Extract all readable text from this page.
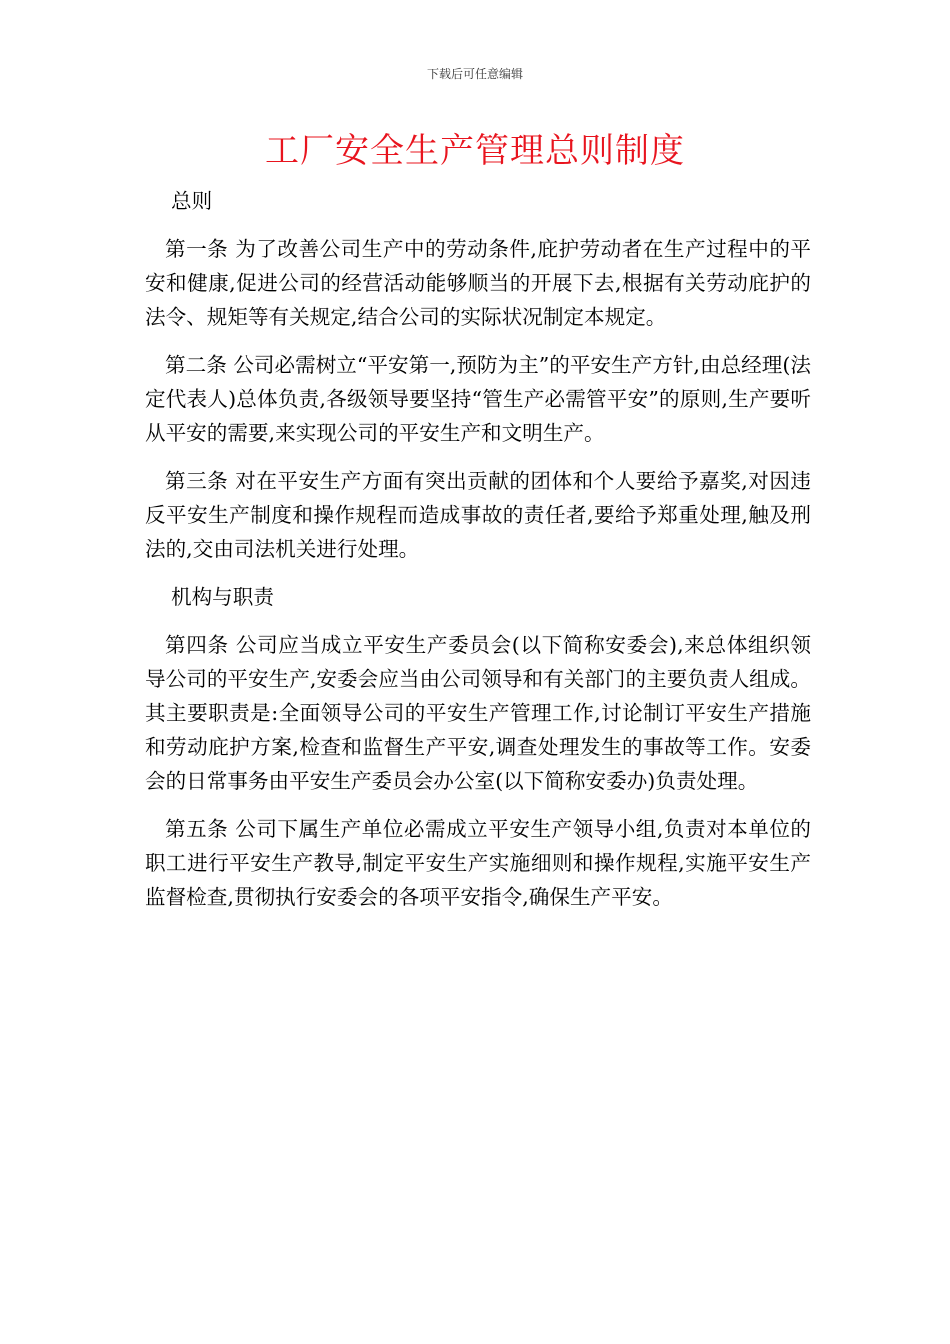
下载后可任意编辑
工厂安全生产管理总则制度

总则

第一条 为了改善公司生产中的劳动条件,庇护劳动者在生产过程中的平安和健康,促进公司的经营活动能够顺当的开展下去,根据有关劳动庇护的法令、规矩等有关规定,结合公司的实际状况制定本规定。

第二条 公司必需树立“平安第一,预防为主”的平安生产方针,由总经理(法定代表人)总体负责,各级领导要坚持“管生产必需管平安”的原则,生产要听从平安的需要,来实现公司的平安生产和文明生产。

第三条 对在平安生产方面有突出贡献的团体和个人要给予嘉奖,对因违反平安生产制度和操作规程而造成事故的责任者,要给予郑重处理,触及刑法的,交由司法机关进行处理。

机构与职责

第四条 公司应当成立平安生产委员会(以下简称安委会),来总体组织领导公司的平安生产,安委会应当由公司领导和有关部门的主要负责人组成。其主要职责是:全面领导公司的平安生产管理工作,讨论制订平安生产措施和劳动庇护方案,检查和监督生产平安,调查处理发生的事故等工作。安委会的日常事务由平安生产委员会办公室(以下简称安委办)负责处理。

第五条 公司下属生产单位必需成立平安生产领导小组,负责对本单位的职工进行平安生产教导,制定平安生产实施细则和操作规程,实施平安生产监督检查,贯彻执行安委会的各项平安指令,确保生产平安。
